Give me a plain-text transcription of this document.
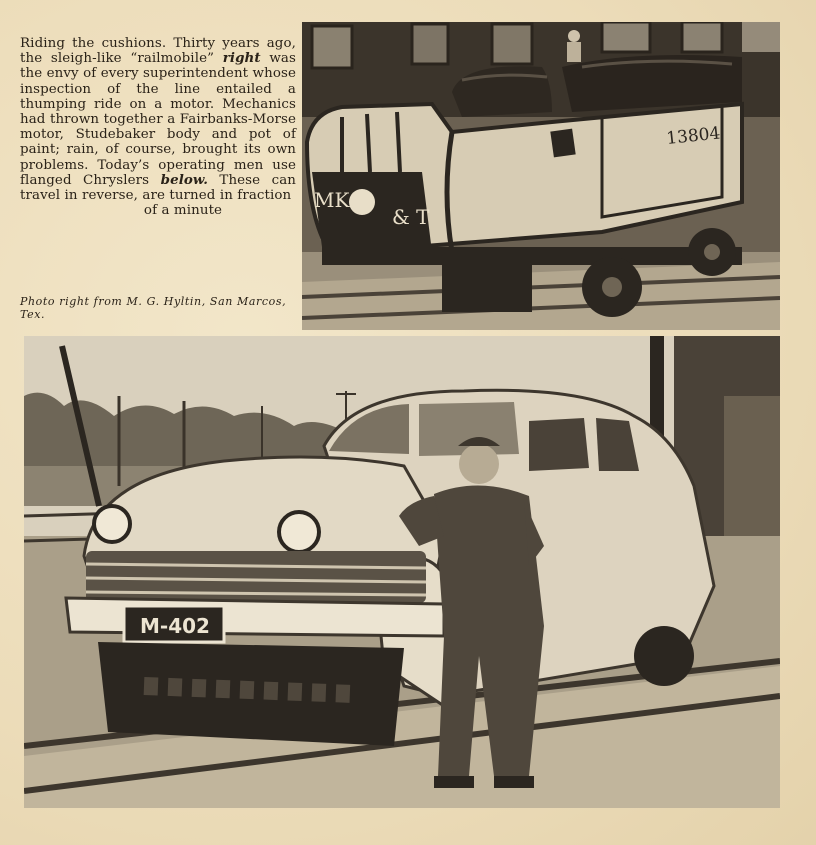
Riding the cushions. Thirty years ago, the sleigh-like “railmobile” right was the envy of every superintendent whose inspection of the line entailed a thumping ride on a motor. Mechanics had thrown together a Fairbanks-Morse motor, Studebaker body and pot of paint; rain, of course, brought its own problems. Today’s operating men use flanged Chryslers below. These can travel in reverse, are turned in fraction
of a minute
Photo right from M. G. Hyltin, San Marcos, Tex.
13804
MK
& T
M-402
